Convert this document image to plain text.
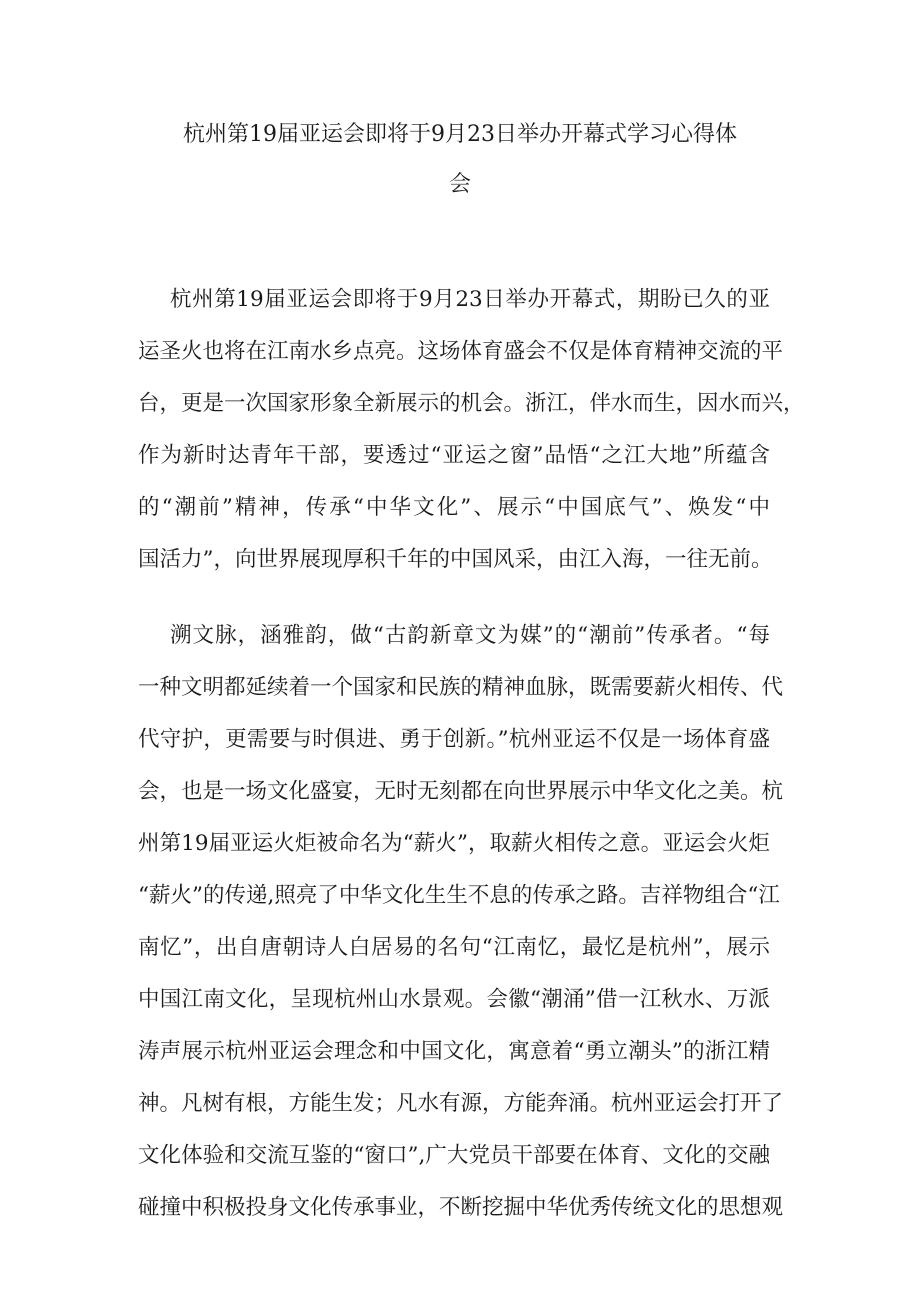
杭州第19届亚运会即将于9月23日举办开幕式学习心得体
会
杭州第19届亚运会即将于9月23日举办开幕式，期盼已久的亚
运圣火也将在江南水乡点亮。这场体育盛会不仅是体育精神交流的平
台，更是一次国家形象全新展示的机会。浙江，伴水而生，因水而兴，
作为新时达青年干部，要透过“亚运之窗”品悟“之江大地”所蕴含
的“潮前”精神，传承“中华文化”、展示“中国底气”、焕发“中
国活力”，向世界展现厚积千年的中国风采，由江入海，一往无前。
溯文脉，涵雅韵，做“古韵新章文为媒”的“潮前”传承者。“每
一种文明都延续着一个国家和民族的精神血脉，既需要薪火相传、代
代守护，更需要与时俱进、勇于创新。”杭州亚运不仅是一场体育盛
会，也是一场文化盛宴，无时无刻都在向世界展示中华文化之美。杭
州第19届亚运火炬被命名为“薪火”，取薪火相传之意。亚运会火炬
“薪火”的传递,照亮了中华文化生生不息的传承之路。吉祥物组合“江
南忆”，出自唐朝诗人白居易的名句“江南忆，最忆是杭州”，展示
中国江南文化，呈现杭州山水景观。会徽“潮涌”借一江秋水、万派
涛声展示杭州亚运会理念和中国文化，寓意着“勇立潮头”的浙江精
神。凡树有根，方能生发；凡水有源，方能奔涌。杭州亚运会打开了
文化体验和交流互鉴的“窗口”,广大党员干部要在体育、文化的交融
碰撞中积极投身文化传承事业，不断挖掘中华优秀传统文化的思想观
